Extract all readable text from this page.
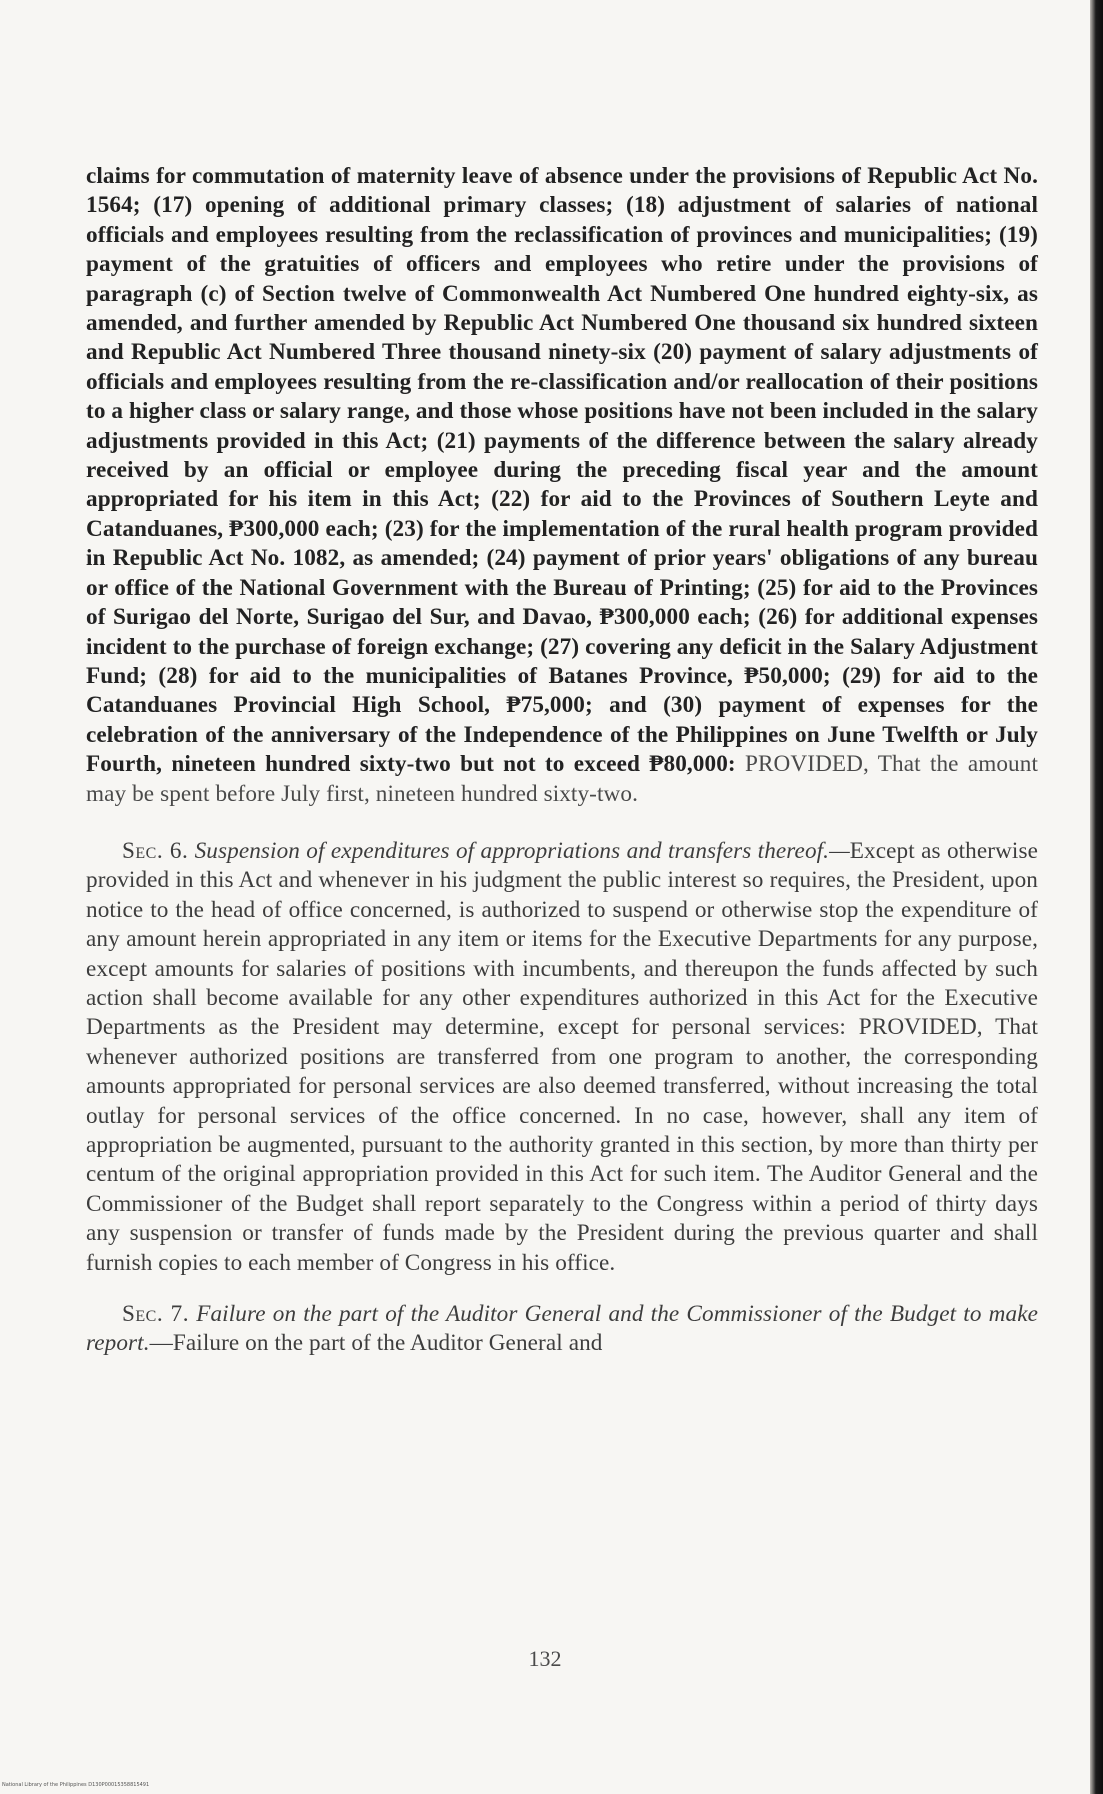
claims for commutation of maternity leave of absence under the provisions of Republic Act No. 1564; (17) opening of additional primary classes; (18) adjustment of salaries of national officials and employees resulting from the reclassification of provinces and municipalities; (19) payment of the gratuities of officers and employees who retire under the provisions of paragraph (c) of Section twelve of Commonwealth Act Numbered One hundred eighty-six, as amended, and further amended by Republic Act Numbered One thousand six hundred sixteen and Republic Act Numbered Three thousand ninety-six (20) payment of salary adjustments of officials and employees resulting from the re-classification and/or reallocation of their positions to a higher class or salary range, and those whose positions have not been included in the salary adjustments provided in this Act; (21) payments of the difference between the salary already received by an official or employee during the preceding fiscal year and the amount appropriated for his item in this Act; (22) for aid to the Provinces of Southern Leyte and Catanduanes, ₱300,000 each; (23) for the implementation of the rural health program provided in Republic Act No. 1082, as amended; (24) payment of prior years' obligations of any bureau or office of the National Government with the Bureau of Printing; (25) for aid to the Provinces of Surigao del Norte, Surigao del Sur, and Davao, ₱300,000 each; (26) for additional expenses incident to the purchase of foreign exchange; (27) covering any deficit in the Salary Adjustment Fund; (28) for aid to the municipalities of Batanes Province, ₱50,000; (29) for aid to the Catanduanes Provincial High School, ₱75,000; and (30) payment of expenses for the celebration of the anniversary of the Independence of the Philippines on June Twelfth or July Fourth, nineteen hundred sixty-two but not to exceed ₱80,000: PROVIDED, That the amount may be spent before July first, nineteen hundred sixty-two.

Sec. 6. Suspension of expenditures of appropriations and transfers thereof.—Except as otherwise provided in this Act and whenever in his judgment the public interest so requires, the President, upon notice to the head of office concerned, is authorized to suspend or otherwise stop the expenditure of any amount herein appropriated in any item or items for the Executive Departments for any purpose, except amounts for salaries of positions with incumbents, and thereupon the funds affected by such action shall become available for any other expenditures authorized in this Act for the Executive Departments as the President may determine, except for personal services: PROVIDED, That whenever authorized positions are transferred from one program to another, the corresponding amounts appropriated for personal services are also deemed transferred, without increasing the total outlay for personal services of the office concerned. In no case, however, shall any item of appropriation be augmented, pursuant to the authority granted in this section, by more than thirty per centum of the original appropriation provided in this Act for such item. The Auditor General and the Commissioner of the Budget shall report separately to the Congress within a period of thirty days any suspension or transfer of funds made by the President during the previous quarter and shall furnish copies to each member of Congress in his office.

Sec. 7. Failure on the part of the Auditor General and the Commissioner of the Budget to make report.—Failure on the part of the Auditor General and

132
National Library of the Philippines D130P00015358815491
